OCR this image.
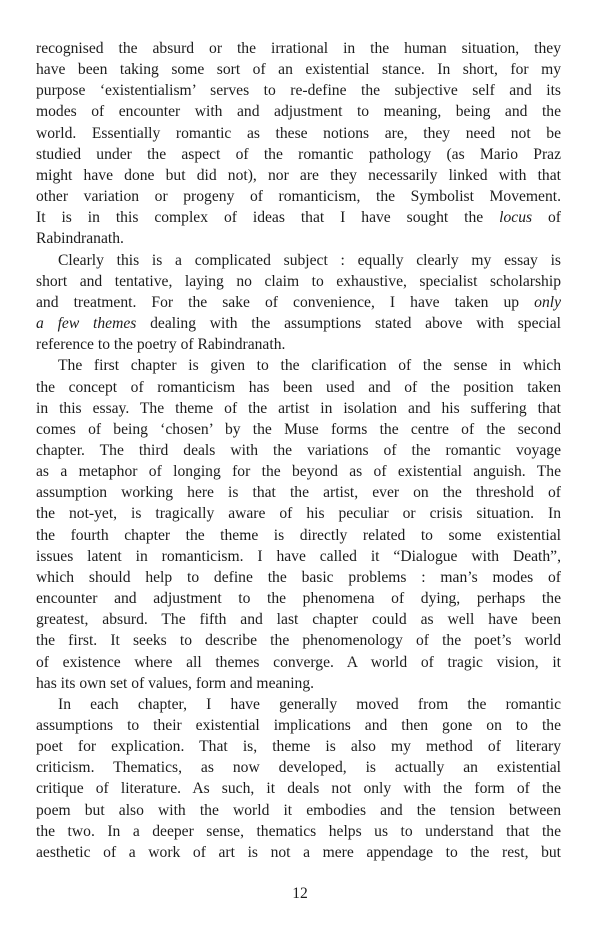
recognised the absurd or the irrational in the human situation, they
have been taking some sort of an existential stance. In short, for my
purpose ‘existentialism’ serves to re-define the subjective self and its
modes of encounter with and adjustment to meaning, being and the
world. Essentially romantic as these notions are, they need not be
studied under the aspect of the romantic pathology (as Mario Praz
might have done but did not), nor are they necessarily linked with that
other variation or progeny of romanticism, the Symbolist Movement.
It is in this complex of ideas that I have sought the locus of
Rabindranath.
Clearly this is a complicated subject : equally clearly my essay is
short and tentative, laying no claim to exhaustive, specialist scholarship
and treatment. For the sake of convenience, I have taken up only
a few themes dealing with the assumptions stated above with special
reference to the poetry of Rabindranath.
The first chapter is given to the clarification of the sense in which
the concept of romanticism has been used and of the position taken
in this essay. The theme of the artist in isolation and his suffering that
comes of being ‘chosen’ by the Muse forms the centre of the second
chapter. The third deals with the variations of the romantic voyage
as a metaphor of longing for the beyond as of existential anguish. The
assumption working here is that the artist, ever on the threshold of
the not-yet, is tragically aware of his peculiar or crisis situation. In
the fourth chapter the theme is directly related to some existential
issues latent in romanticism. I have called it “Dialogue with Death”,
which should help to define the basic problems : man’s modes of
encounter and adjustment to the phenomena of dying, perhaps the
greatest, absurd. The fifth and last chapter could as well have been
the first. It seeks to describe the phenomenology of the poet’s world
of existence where all themes converge. A world of tragic vision, it
has its own set of values, form and meaning.
In each chapter, I have generally moved from the romantic
assumptions to their existential implications and then gone on to the
poet for explication. That is, theme is also my method of literary
criticism. Thematics, as now developed, is actually an existential
critique of literature. As such, it deals not only with the form of the
poem but also with the world it embodies and the tension between
the two. In a deeper sense, thematics helps us to understand that the
aesthetic of a work of art is not a mere appendage to the rest, but
12
